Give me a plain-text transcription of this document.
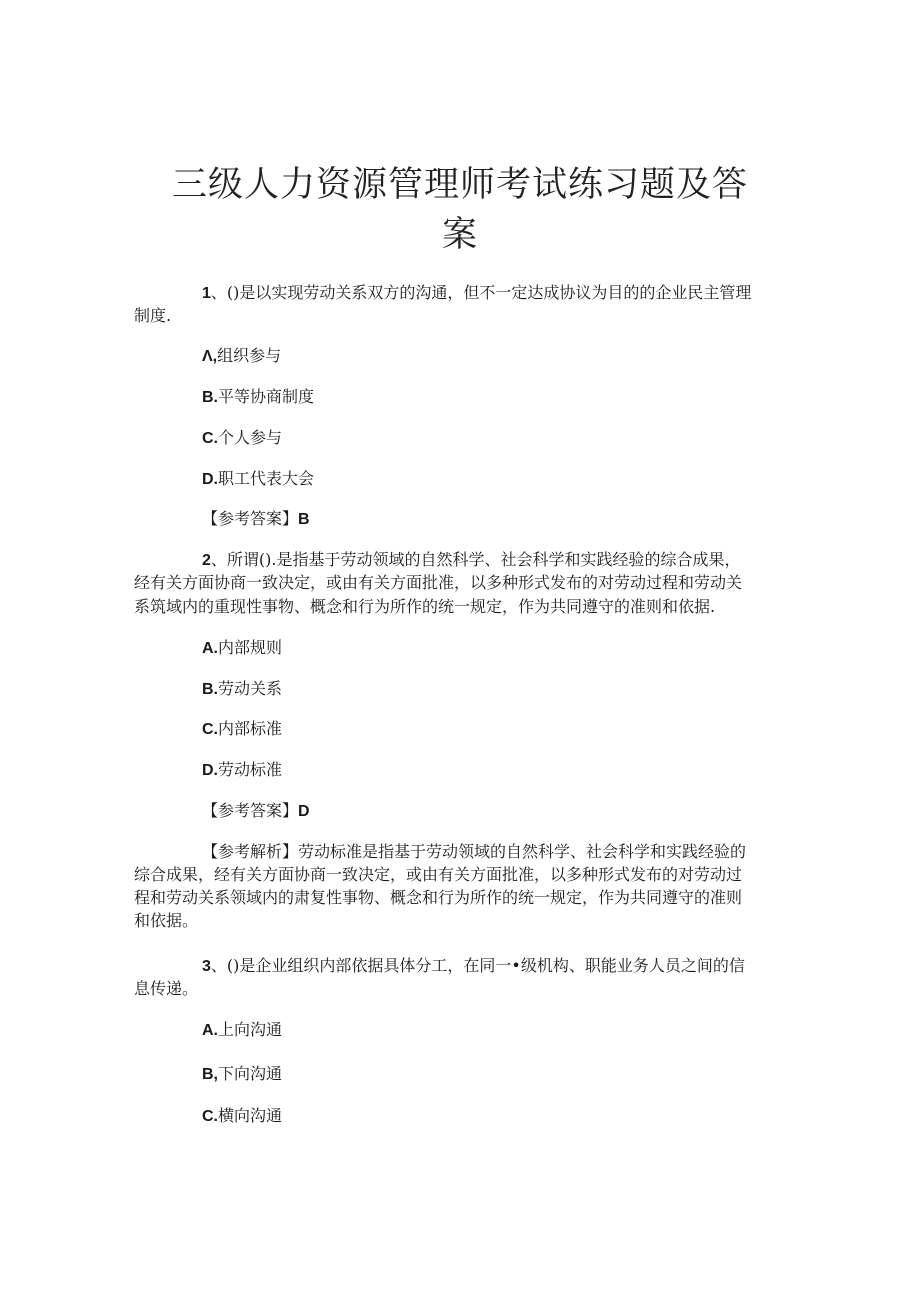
三级人力资源管理师考试练习题及答
案

1、()是以实现劳动关系双方的沟通，但不一定达成协议为目的的企业民主管理

制度.

Λ,组织参与

B.平等协商制度

C.个人参与

D.职工代表大会

【参考答案】B

2、所谓().是指基于劳动领域的自然科学、社会科学和实践经验的综合成果，

经有关方面协商一致决定，或由有关方面批准，以多种形式发布的对劳动过程和劳动关

系筑域内的重现性事物、概念和行为所作的统一规定，作为共同遵守的准则和依据.

A.内部规则

B.劳动关系

C.内部标准

D.劳动标准

【参考答案】D

【参考解析】劳动标准是指基于劳动领域的自然科学、社会科学和实践经验的

综合成果，经有关方面协商一致决定，或由有关方面批准，以多种形式发布的对劳动过

程和劳动关系领域内的肃复性事物、概念和行为所作的统一规定，作为共同遵守的准则

和依据。

3、()是企业组织内部依据具体分工，在同一•级机构、职能业务人员之间的信

息传递。

A.上向沟通

B,下向沟通

C.横向沟通
